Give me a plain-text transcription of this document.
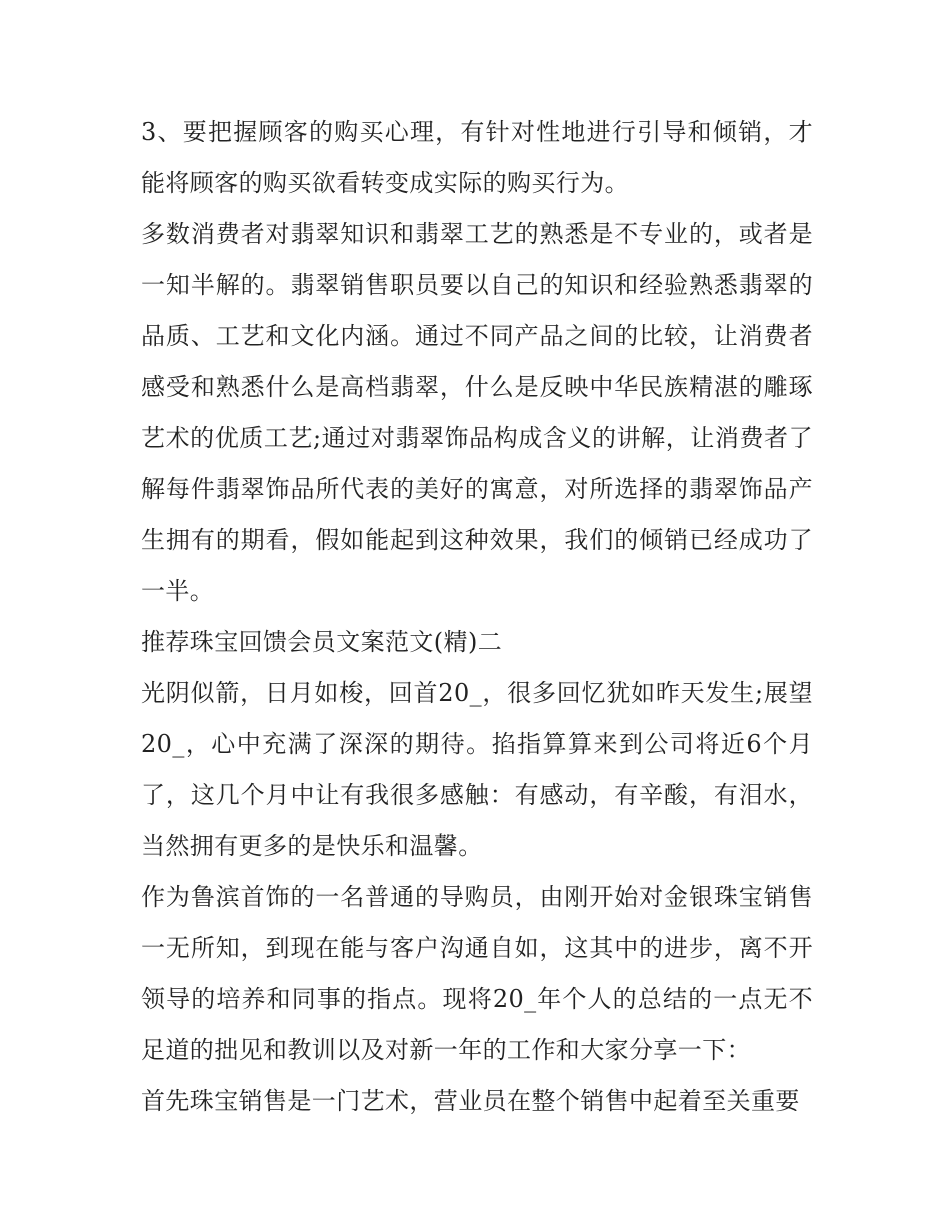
3、要把握顾客的购买心理，有针对性地进行引导和倾销，才能将顾客的购买欲看转变成实际的购买行为。

多数消费者对翡翠知识和翡翠工艺的熟悉是不专业的，或者是一知半解的。翡翠销售职员要以自己的知识和经验熟悉翡翠的品质、工艺和文化内涵。通过不同产品之间的比较，让消费者感受和熟悉什么是高档翡翠，什么是反映中华民族精湛的雕琢艺术的优质工艺;通过对翡翠饰品构成含义的讲解，让消费者了解每件翡翠饰品所代表的美好的寓意，对所选择的翡翠饰品产生拥有的期看，假如能起到这种效果，我们的倾销已经成功了一半。

推荐珠宝回馈会员文案范文(精)二

光阴似箭，日月如梭，回首20_，很多回忆犹如昨天发生;展望20_，心中充满了深深的期待。掐指算算来到公司将近6个月了，这几个月中让有我很多感触：有感动，有辛酸，有泪水，当然拥有更多的是快乐和温馨。

作为鲁滨首饰的一名普通的导购员，由刚开始对金银珠宝销售一无所知，到现在能与客户沟通自如，这其中的进步，离不开领导的培养和同事的指点。现将20_年个人的总结的一点无不足道的拙见和教训以及对新一年的工作和大家分享一下：

首先珠宝销售是一门艺术，营业员在整个销售中起着至关重要
